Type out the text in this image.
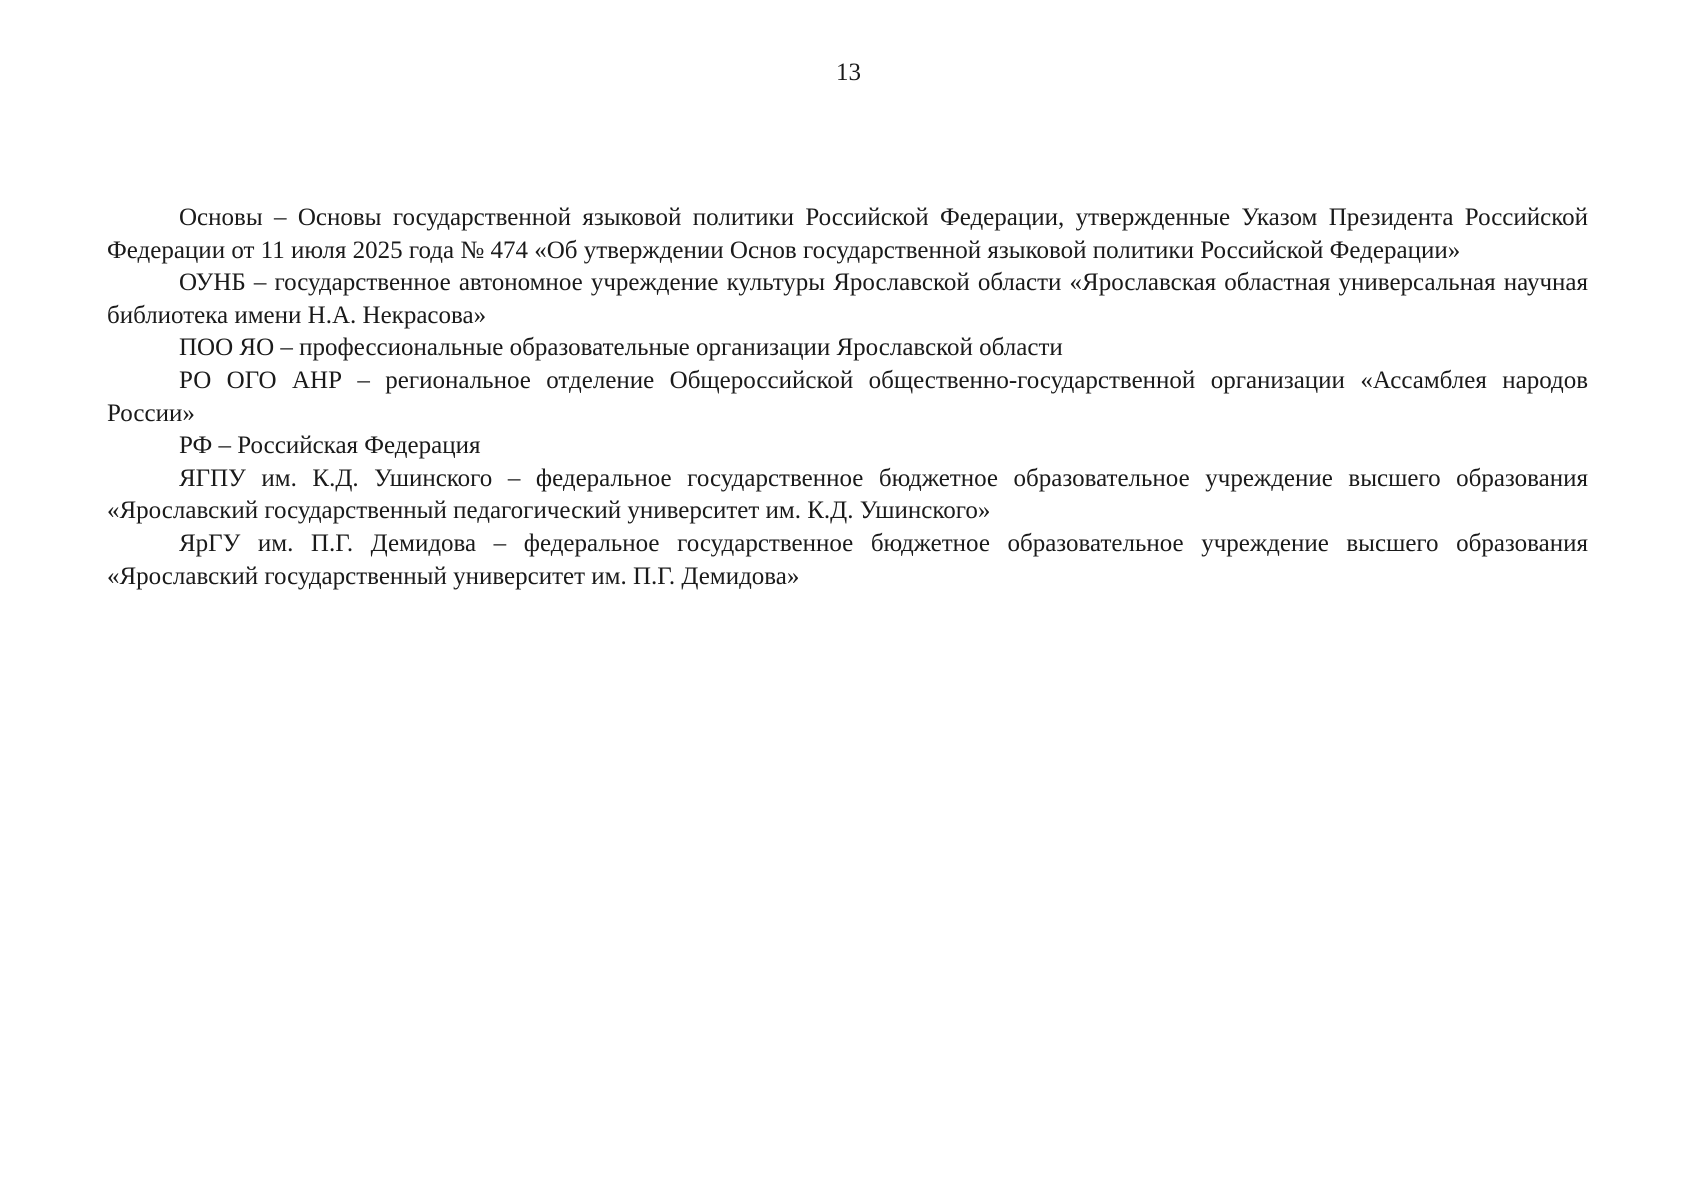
13

Основы – Основы государственной языковой политики Российской Федерации, утвержденные Указом Президента Российской Федерации от 11 июля 2025 года № 474 «Об утверждении Основ государственной языковой политики Российской Федерации»

ОУНБ – государственное автономное учреждение культуры Ярославской области «Ярославская областная универсальная научная библиотека имени Н.А. Некрасова»

ПОО ЯО – профессиональные образовательные организации Ярославской области

РО ОГО АНР – региональное отделение Общероссийской общественно-государственной организации «Ассамблея народов России»

РФ – Российская Федерация

ЯГПУ им. К.Д. Ушинского – федеральное государственное бюджетное образовательное учреждение высшего образования «Ярославский государственный педагогический университет им. К.Д. Ушинского»

ЯрГУ им. П.Г. Демидова – федеральное государственное бюджетное образовательное учреждение высшего образования «Ярославский государственный университет им. П.Г. Демидова»
